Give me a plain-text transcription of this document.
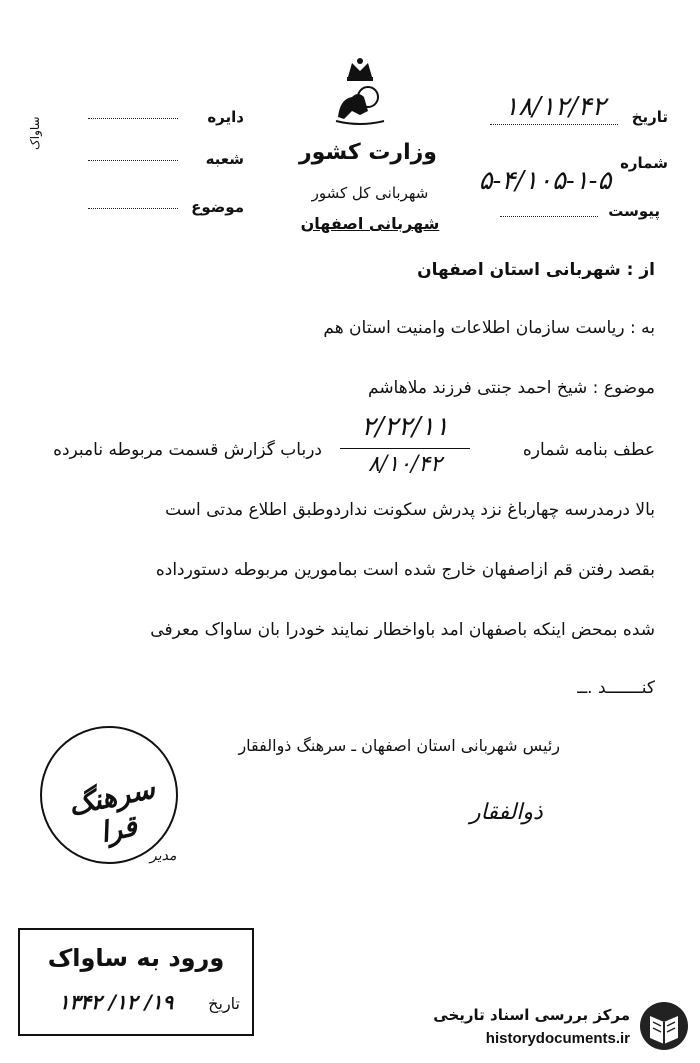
وزارت کشور
شهربانی کل کشور
شهربانی اصفهان
دایره
شعبه
موضوع
ساواک	تاریخ
۱۸/۱۲/۴۲
شماره
۵-۴/۱۰۵-۱-۵
پیوست
از : شهربانی استان اصفهان
به : ریاست سازمان اطلاعات وامنیت استان هم
موضوع : شیخ احمد جنتی فرزند ملاهاشم
عطف بنامه شماره
۲/۲۲/۱۱
۸/۱۰/۴۲
درباب گزارش قسمت مربوطه نامبرده
بالا درمدرسه چهارباغ نزد پدرش سکونت نداردوطبق اطلاع مدتی است
بقصد رفتن قم ازاصفهان خارج شده است بمامورین مربوطه دستورداده
شده بمحض اینکه باصفهان امد باواخطار نمایند خودرا بان ساواک معرفی
کنـــــــد .ــ
رئیس شهربانی استان اصفهان ـ سرهنگ ذوالفقار
ذوالفقار
سرهنگ قرا
مدیر
ورود به ساواک
تاریخ
۱۹/ ۱۲/ ۱۳۴۲
مرکز بررسی اسناد تاریخی
historydocuments.ir
